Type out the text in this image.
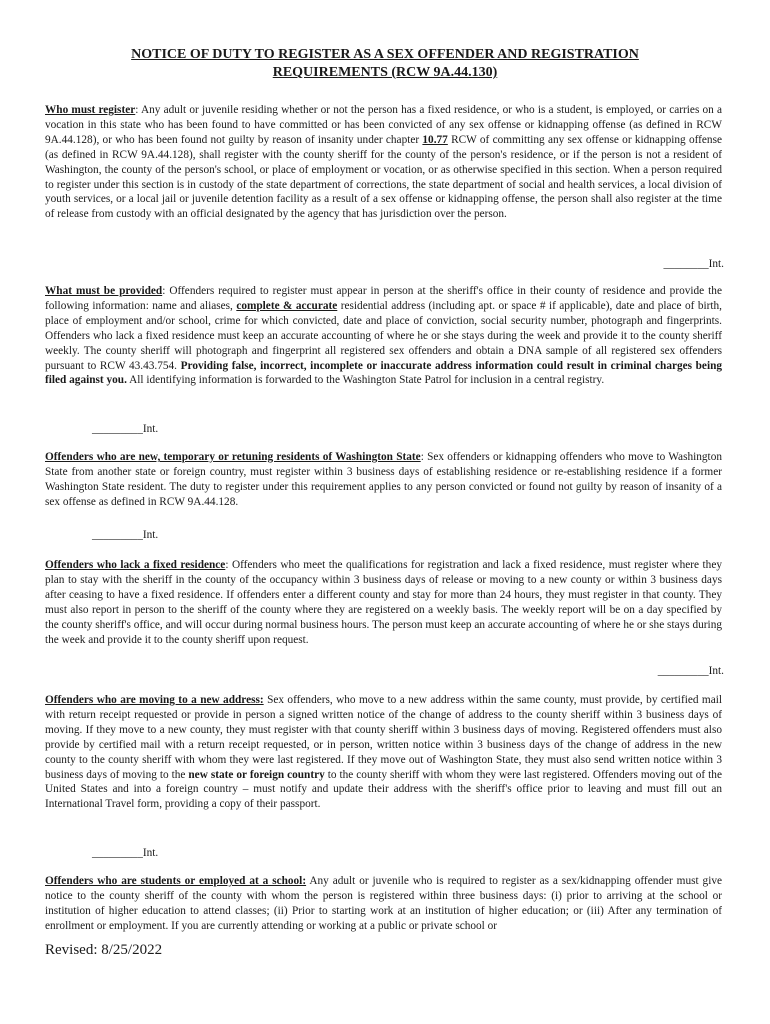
NOTICE OF DUTY TO REGISTER AS A SEX OFFENDER AND REGISTRATION
REQUIREMENTS (RCW 9A.44.130)

Who must register: Any adult or juvenile residing whether or not the person has a fixed residence, or who is a student, is employed, or carries on a vocation in this state who has been found to have committed or has been convicted of any sex offense or kidnapping offense (as defined in RCW 9A.44.128), or who has been found not guilty by reason of insanity under chapter 10.77 RCW of committing any sex offense or kidnapping offense (as defined in RCW 9A.44.128), shall register with the county sheriff for the county of the person's residence, or if the person is not a resident of Washington, the county of the person's school, or place of employment or vocation, or as otherwise specified in this section. When a person required to register under this section is in custody of the state department of corrections, the state department of social and health services, a local division of youth services, or a local jail or juvenile detention facility as a result of a sex offense or kidnapping offense, the person shall also register at the time of release from custody with an official designated by the agency that has jurisdiction over the person.

________Int.

What must be provided: Offenders required to register must appear in person at the sheriff's office in their county of residence and provide the following information: name and aliases, complete & accurate residential address (including apt. or space # if applicable), date and place of birth, place of employment and/or school, crime for which convicted, date and place of conviction, social security number, photograph and fingerprints. Offenders who lack a fixed residence must keep an accurate accounting of where he or she stays during the week and provide it to the county sheriff weekly. The county sheriff will photograph and fingerprint all registered sex offenders and obtain a DNA sample of all registered sex offenders pursuant to RCW 43.43.754. Providing false, incorrect, incomplete or inaccurate address information could result in criminal charges being filed against you. All identifying information is forwarded to the Washington State Patrol for inclusion in a central registry.

_________Int.

Offenders who are new, temporary or retuning residents of Washington State: Sex offenders or kidnapping offenders who move to Washington State from another state or foreign country, must register within 3 business days of establishing residence or re-establishing residence if a former Washington State resident. The duty to register under this requirement applies to any person convicted or found not guilty by reason of insanity of a sex offense as defined in RCW 9A.44.128.

_________Int.

Offenders who lack a fixed residence: Offenders who meet the qualifications for registration and lack a fixed residence, must register where they plan to stay with the sheriff in the county of the occupancy within 3 business days of release or moving to a new county or within 3 business days after ceasing to have a fixed residence. If offenders enter a different county and stay for more than 24 hours, they must register in that county. They must also report in person to the sheriff of the county where they are registered on a weekly basis. The weekly report will be on a day specified by the county sheriff's office, and will occur during normal business hours. The person must keep an accurate accounting of where he or she stays during the week and provide it to the county sheriff upon request.

_________Int.

Offenders who are moving to a new address: Sex offenders, who move to a new address within the same county, must provide, by certified mail with return receipt requested or provide in person a signed written notice of the change of address to the county sheriff within 3 business days of moving. If they move to a new county, they must register with that county sheriff within 3 business days of moving. Registered offenders must also provide by certified mail with a return receipt requested, or in person, written notice within 3 business days of the change of address in the new county to the county sheriff with whom they were last registered. If they move out of Washington State, they must also send written notice within 3 business days of moving to the new state or foreign country to the county sheriff with whom they were last registered. Offenders moving out of the United States and into a foreign country – must notify and update their address with the sheriff's office prior to leaving and must fill out an International Travel form, providing a copy of their passport.

_________Int.

Offenders who are students or employed at a school: Any adult or juvenile who is required to register as a sex/kidnapping offender must give notice to the county sheriff of the county with whom the person is registered within three business days: (i) prior to arriving at the school or institution of higher education to attend classes; (ii) Prior to starting work at an institution of higher education; or (iii) After any termination of enrollment or employment. If you are currently attending or working at a public or private school or

Revised: 8/25/2022
